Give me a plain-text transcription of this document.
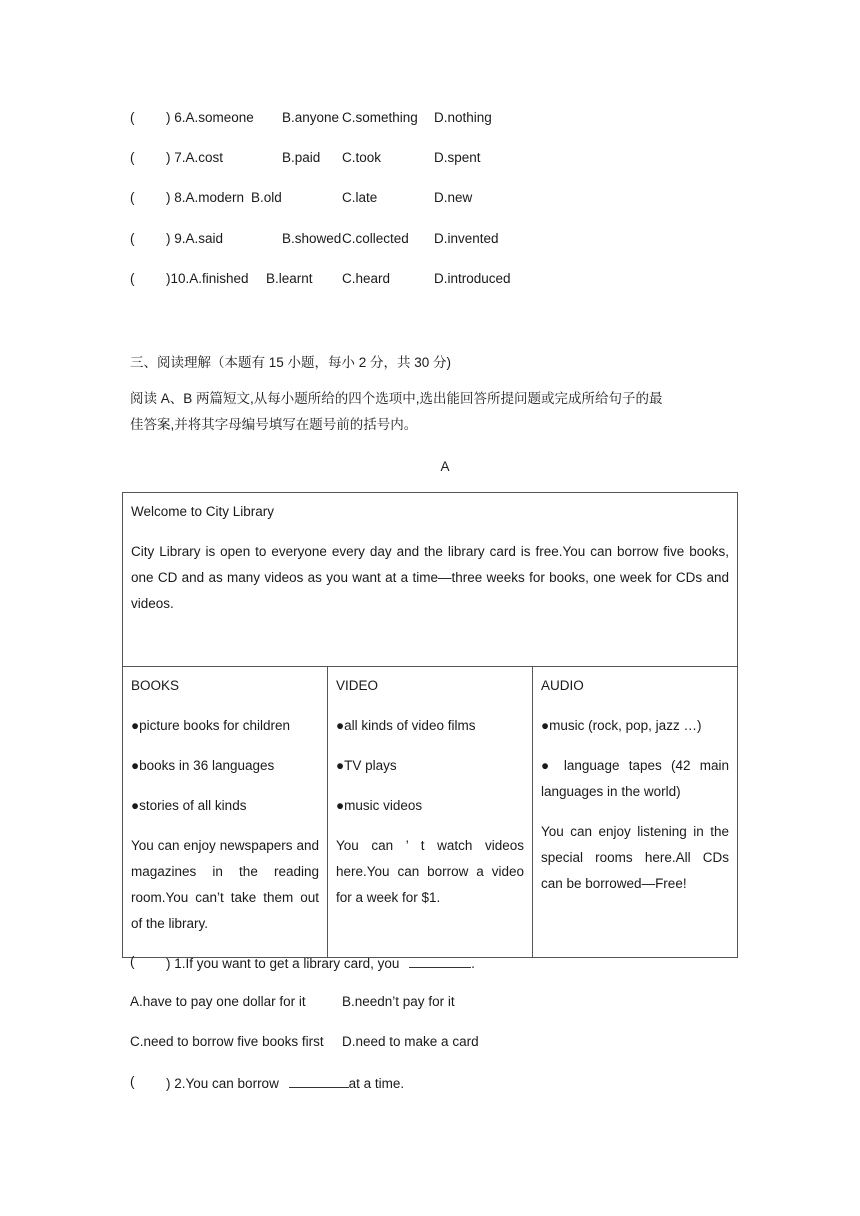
( ) 6.A.someone B.anyone C.something D.nothing
( ) 7.A.cost	B.paid C.took	D.spent
( ) 8.A.modern B.old	C.late	D.new
( ) 9.A.said	B.showed C.collected D.invented
( )10.A.finished B.learnt C.heard	D.introduced
三、阅读理解（本题有 15 小题，每小 2 分，共 30 分)
阅读 A、B 两篇短文,从每小题所给的四个选项中,选出能回答所提问题或完成所给句子的最
佳答案,并将其字母编号填写在题号前的括号内。
A

Welcome to City Library

City Library is open to everyone every day and the library card is free.You can borrow five books, one CD and as many videos as you want at a time—three weeks for books, one week for CDs and videos.

BOOKS

●picture books for children

●books in 36 languages

●stories of all kinds

You can enjoy newspapers and magazines in the reading room.You can’t take them out of the library.

VIDEO

●all kinds of video films

●TV plays

●music videos

You can ’ t watch videos here.You can borrow a video for a week for $1.

AUDIO

●music (rock, pop, jazz …)

● language tapes (42 main languages in the world)

You can enjoy listening in the special rooms here.All CDs can be borrowed—Free!

( ) 1.If you want to get a library card, you	.
A.have to pay one dollar for it	B.needn’t pay for it
C.need to borrow five books first D.need to make a card
( ) 2.You can borrow	at a time.
